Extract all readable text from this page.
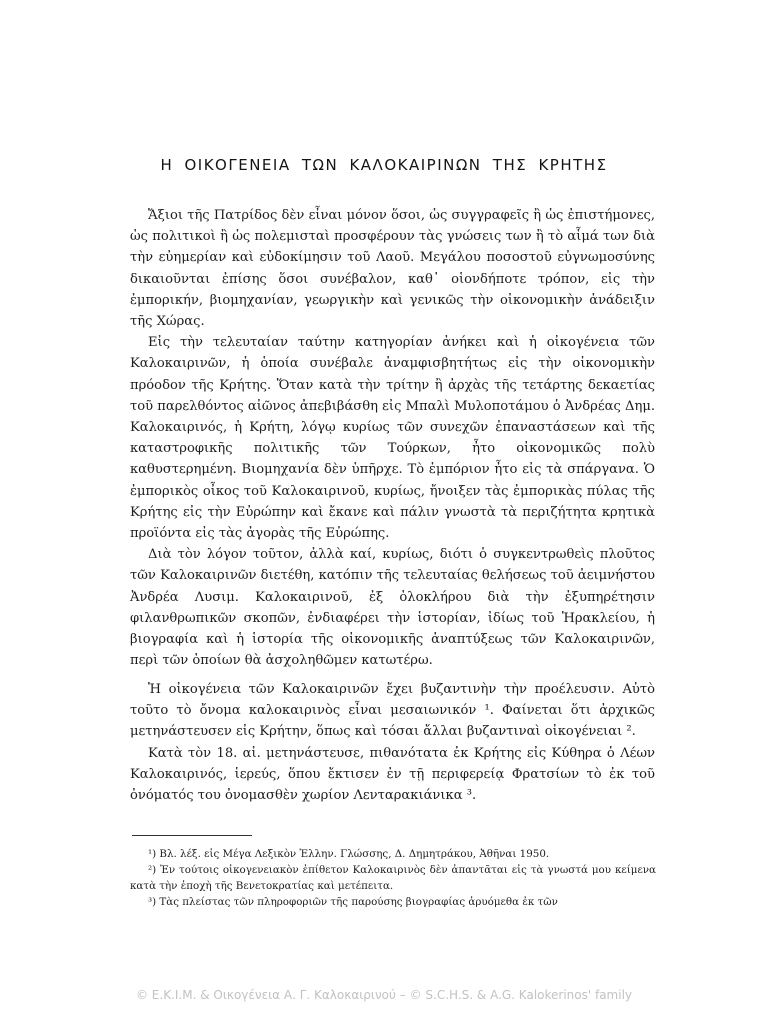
Η ΟΙΚΟΓΕΝΕΙΑ ΤΩΝ ΚΑΛΟΚΑΙΡΙΝΩΝ ΤΗΣ ΚΡΗΤΗΣ

Ἄξιοι τῆς Πατρίδος δὲν εἶναι μόνον ὅσοι, ὡς συγγραφεῖς ἢ ὡς ἐπιστήμονες, ὡς πολιτικοὶ ἢ ὡς πολεμισταὶ προσφέρουν τὰς γνώσεις των ἢ τὸ αἷμά των διὰ τὴν εὐημερίαν καὶ εὐδοκίμησιν τοῦ Λαοῦ. Μεγάλου ποσοστοῦ εὐγνωμοσύνης δικαιοῦνται ἐπίσης ὅσοι συνέβαλον, καθ᾽ οἱονδήποτε τρόπον, εἰς τὴν ἐμπορικήν, βιομηχανίαν, γεωργικὴν καὶ γενικῶς τὴν οἰκονομικὴν ἀνάδειξιν τῆς Χώρας.

Εἰς τὴν τελευταίαν ταύτην κατηγορίαν ἀνήκει καὶ ἡ οἰκογένεια τῶν Καλοκαιρινῶν, ἡ ὁποία συνέβαλε ἀναμφισβητήτως εἰς τὴν οἰκονομικὴν πρόοδον τῆς Κρήτης. Ὅταν κατὰ τὴν τρίτην ἢ ἀρχὰς τῆς τετάρτης δεκαετίας τοῦ παρελθόντος αἰῶνος ἀπεβιβάσθη εἰς Μπαλὶ Μυλοποτάμου ὁ Ἀνδρέας Δημ. Καλοκαιρινός, ἡ Κρήτη, λόγῳ κυρίως τῶν συνεχῶν ἐπαναστάσεων καὶ τῆς καταστροφικῆς πολιτικῆς τῶν Τούρκων, ἦτο οἰκονομικῶς πολὺ καθυστερημένη. Βιομηχανία δὲν ὑπῆρχε. Τὸ ἐμπόριον ἦτο εἰς τὰ σπάργανα. Ὁ ἐμπορικὸς οἶκος τοῦ Καλοκαιρινοῦ, κυρίως, ἤνοιξεν τὰς ἐμπορικὰς πύλας τῆς Κρήτης εἰς τὴν Εὐρώπην καὶ ἔκανε καὶ πάλιν γνωστὰ τὰ περιζήτητα κρητικὰ προϊόντα εἰς τὰς ἀγορὰς τῆς Εὐρώπης.

Διὰ τὸν λόγον τοῦτον, ἀλλὰ καί, κυρίως, διότι ὁ συγκεντρωθεὶς πλοῦτος τῶν Καλοκαιρινῶν διετέθη, κατόπιν τῆς τελευταίας θελήσεως τοῦ ἀειμνήστου Ἀνδρέα Λυσιμ. Καλοκαιρινοῦ, ἐξ ὁλοκλήρου διὰ τὴν ἐξυπηρέτησιν φιλανθρωπικῶν σκοπῶν, ἐνδιαφέρει τὴν ἱστορίαν, ἰδίως τοῦ Ἡρακλείου, ἡ βιογραφία καὶ ἡ ἱστορία τῆς οἰκονομικῆς ἀναπτύξεως τῶν Καλοκαιρινῶν, περὶ τῶν ὁποίων θὰ ἀσχοληθῶμεν κατωτέρω.

Ἡ οἰκογένεια τῶν Καλοκαιρινῶν ἔχει βυζαντινὴν τὴν προέλευσιν. Αὐτὸ τοῦτο τὸ ὄνομα καλοκαιρινὸς εἶναι μεσαιωνικόν ¹. Φαίνεται ὅτι ἀρχικῶς μετηνάστευσεν εἰς Κρήτην, ὅπως καὶ τόσαι ἄλλαι βυζαντιναὶ οἰκογένειαι ².

Κατὰ τὸν 18. αἰ. μετηνάστευσε, πιθανότατα ἐκ Κρήτης εἰς Κύθηρα ὁ Λέων Καλοκαιρινός, ἱερεύς, ὅπου ἔκτισεν ἐν τῇ περιφερείᾳ Φρατσίων τὸ ἐκ τοῦ ὀνόματός του ὀνομασθὲν χωρίον Λενταρακιάνικα ³.

¹) Βλ. λέξ. εἰς Μέγα Λεξικὸν Ἑλλην. Γλώσσης, Δ. Δημητράκου, Ἀθῆναι 1950.

²) Ἐν τούτοις οἰκογενειακὸν ἐπίθετον Καλοκαιρινὸς δὲν ἀπαντᾶται εἰς τὰ γνωστά μου κείμενα κατὰ τὴν ἐποχὴ τῆς Βενετοκρατίας καὶ μετέπειτα.

³) Τὰς πλείστας τῶν πληροφοριῶν τῆς παρούσης βιογραφίας ἀρυόμεθα ἐκ τῶν

© Ε.Κ.Ι.Μ. & Οικογένεια Α. Γ. Καλοκαιρινού – © S.C.H.S. & A.G. Kalokerinos' family
